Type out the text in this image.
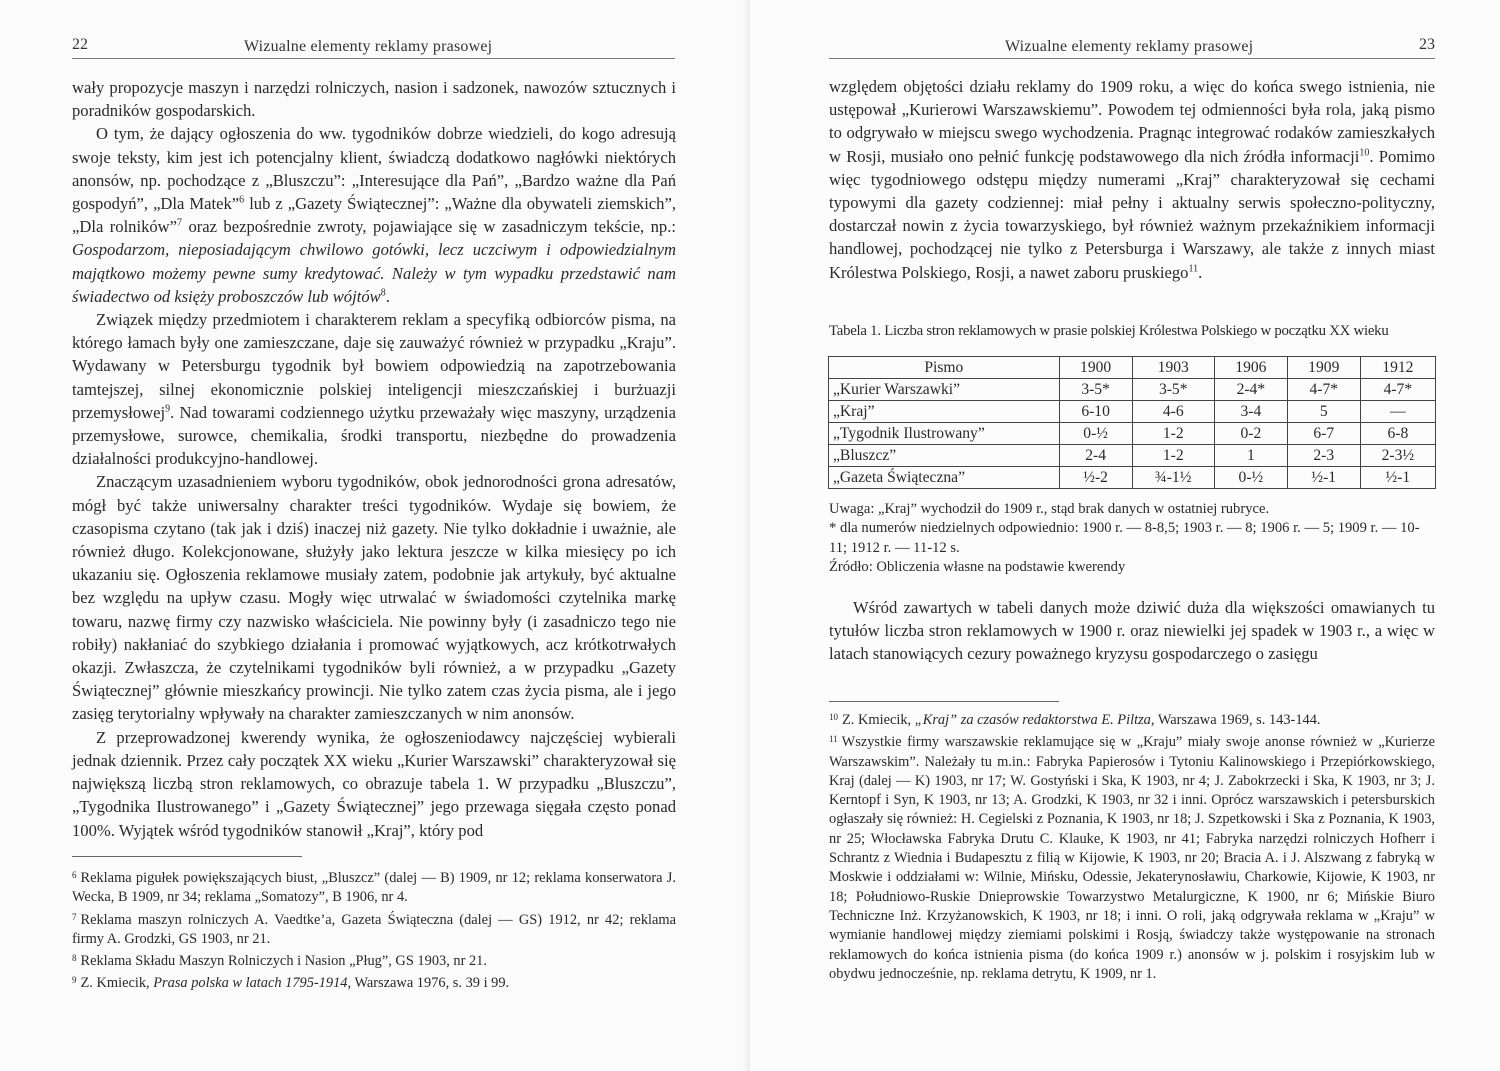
22	Wizualne elementy reklamy prasowej

wały propozycje maszyn i narzędzi rolniczych, nasion i sadzonek, nawozów sztucznych i poradników gospodarskich.

O tym, że dający ogłoszenia do ww. tygodników dobrze wiedzieli, do kogo adresują swoje teksty, kim jest ich potencjalny klient, świadczą dodatkowo nagłówki niektórych anonsów, np. pochodzące z „Bluszczu”: „Interesujące dla Pań”, „Bardzo ważne dla Pań gospodyń”, „Dla Matek”$^6$ lub z „Gazety Świątecznej”: „Ważne dla obywateli ziemskich”, „Dla rolników”$^7$ oraz bezpośrednie zwroty, pojawiające się w zasadniczym tekście, np.: Gospodarzom, nieposiadającym chwilowo gotówki, lecz uczciwym i odpowiedzialnym majątkowo możemy pewne sumy kredytować. Należy w tym wypadku przedstawić nam świadectwo od księży proboszczów lub wójtów$^8$.

Związek między przedmiotem i charakterem reklam a specyfiką odbiorców pisma, na którego łamach były one zamieszczane, daje się zauważyć również w przypadku „Kraju”. Wydawany w Petersburgu tygodnik był bowiem odpowiedzią na zapotrzebowania tamtejszej, silnej ekonomicznie polskiej inteligencji mieszczańskiej i burżuazji przemysłowej$^9$. Nad towarami codziennego użytku przeważały więc maszyny, urządzenia przemysłowe, surowce, chemikalia, środki transportu, niezbędne do prowadzenia działalności produkcyjno-handlowej.

Znaczącym uzasadnieniem wyboru tygodników, obok jednorodności grona adresatów, mógł być także uniwersalny charakter treści tygodników. Wydaje się bowiem, że czasopisma czytano (tak jak i dziś) inaczej niż gazety. Nie tylko dokładnie i uważnie, ale również długo. Kolekcjonowane, służyły jako lektura jeszcze w kilka miesięcy po ich ukazaniu się. Ogłoszenia reklamowe musiały zatem, podobnie jak artykuły, być aktualne bez względu na upływ czasu. Mogły więc utrwalać w świadomości czytelnika markę towaru, nazwę firmy czy nazwisko właściciela. Nie powinny były (i zasadniczo tego nie robiły) nakłaniać do szybkiego działania i promować wyjątkowych, acz krótkotrwałych okazji. Zwłaszcza, że czytelnikami tygodników byli również, a w przypadku „Gazety Świątecznej” głównie mieszkańcy prowincji. Nie tylko zatem czas życia pisma, ale i jego zasięg terytorialny wpływały na charakter zamieszczanych w nim anonsów.

Z przeprowadzonej kwerendy wynika, że ogłoszeniodawcy najczęściej wybierali jednak dziennik. Przez cały początek XX wieku „Kurier Warszawski” charakteryzował się największą liczbą stron reklamowych, co obrazuje tabela 1. W przypadku „Bluszczu”, „Tygodnika Ilustrowanego” i „Gazety Świątecznej” jego przewaga sięgała często ponad 100%. Wyjątek wśród tygodników stanowił „Kraj”, który pod

$^6$ Reklama pigułek powiększających biust, „Bluszcz” (dalej — B) 1909, nr 12; reklama konserwatora J. Wecka, B 1909, nr 34; reklama „Somatozy”, B 1906, nr 4.
$^7$ Reklama maszyn rolniczych A. Vaedtke’a, Gazeta Świąteczna (dalej — GS) 1912, nr 42; reklama firmy A. Grodzki, GS 1903, nr 21.
$^8$ Reklama Składu Maszyn Rolniczych i Nasion „Pług”, GS 1903, nr 21.
$^9$ Z. Kmiecik, Prasa polska w latach 1795-1914, Warszawa 1976, s. 39 i 99.
Wizualne elementy reklamy prasowej	23

względem objętości działu reklamy do 1909 roku, a więc do końca swego istnienia, nie ustępował „Kurierowi Warszawskiemu”. Powodem tej odmienności była rola, jaką pismo to odgrywało w miejscu swego wychodzenia. Pragnąc integrować rodaków zamieszkałych w Rosji, musiało ono pełnić funkcję podstawowego dla nich źródła informacji$^{10}$. Pomimo więc tygodniowego odstępu między numerami „Kraj” charakteryzował się cechami typowymi dla gazety codziennej: miał pełny i aktualny serwis społeczno-polityczny, dostarczał nowin z życia towarzyskiego, był również ważnym przekaźnikiem informacji handlowej, pochodzącej nie tylko z Petersburga i Warszawy, ale także z innych miast Królestwa Polskiego, Rosji, a nawet zaboru pruskiego$^{11}$.

Tabela 1. Liczba stron reklamowych w prasie polskiej Królestwa Polskiego w początku XX wieku
Pismo	1900	1903	1906	1909	1912
„Kurier Warszawki”	3-5*	3-5*	2-4*	4-7*	4-7*
„Kraj”	6-10	4-6	3-4	5	—
„Tygodnik Ilustrowany”	0-½	1-2	0-2	6-7	6-8
„Bluszcz”	2-4	1-2	1	2-3	2-3½
„Gazeta Świąteczna”	½-2	¾-1½	0-½	½-1	½-1
Uwaga: „Kraj” wychodził do 1909 r., stąd brak danych w ostatniej rubryce.
* dla numerów niedzielnych odpowiednio: 1900 r. — 8-8,5; 1903 r. — 8; 1906 r. — 5; 1909 r. — 10-11; 1912 r. — 11-12 s.
Źródło: Obliczenia własne na podstawie kwerendy

Wśród zawartych w tabeli danych może dziwić duża dla większości omawianych tu tytułów liczba stron reklamowych w 1900 r. oraz niewielki jej spadek w 1903 r., a więc w latach stanowiących cezury poważnego kryzysu gospodarczego o zasięgu

$^{10}$ Z. Kmiecik, „Kraj” za czasów redaktorstwa E. Piltza, Warszawa 1969, s. 143-144.
$^{11}$ Wszystkie firmy warszawskie reklamujące się w „Kraju” miały swoje anonse również w „Kurierze Warszawskim”. Należały tu m.in.: Fabryka Papierosów i Tytoniu Kalinowskiego i Przepiórkowskiego, Kraj (dalej — K) 1903, nr 17; W. Gostyński i Ska, K 1903, nr 4; J. Zabokrzecki i Ska, K 1903, nr 3; J. Kerntopf i Syn, K 1903, nr 13; A. Grodzki, K 1903, nr 32 i inni. Oprócz warszawskich i petersburskich ogłaszały się również: H. Cegielski z Poznania, K 1903, nr 18; J. Szpetkowski i Ska z Poznania, K 1903, nr 25; Włocławska Fabryka Drutu C. Klauke, K 1903, nr 41; Fabryka narzędzi rolniczych Hofherr i Schrantz z Wiednia i Budapesztu z filią w Kijowie, K 1903, nr 20; Bracia A. i J. Alszwang z fabryką w Moskwie i oddziałami w: Wilnie, Mińsku, Odessie, Jekaterynosławiu, Charkowie, Kijowie, K 1903, nr 18; Południowo-Ruskie Dnieprowskie Towarzystwo Metalurgiczne, K 1900, nr 6; Mińskie Biuro Techniczne Inż. Krzyżanowskich, K 1903, nr 18; i inni. O roli, jaką odgrywała reklama w „Kraju” w wymianie handlowej między ziemiami polskimi i Rosją, świadczy także występowanie na stronach reklamowych do końca istnienia pisma (do końca 1909 r.) anonsów w j. polskim i rosyjskim lub w obydwu jednocześnie, np. reklama detrytu, K 1909, nr 1.
